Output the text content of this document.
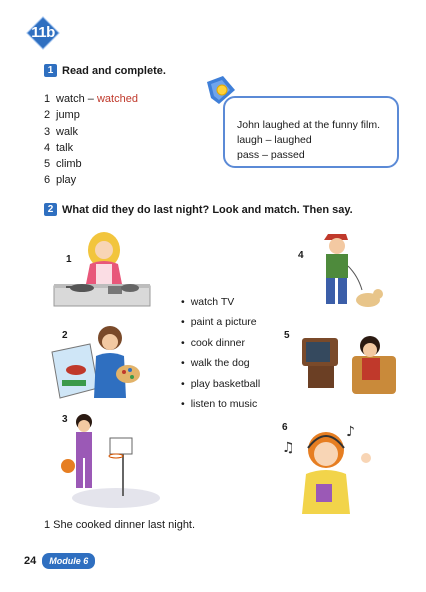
11b
1 Read and complete.
1 watch – watched
2 jump
3 walk
4 talk
5 climb
6 play
John laughed at the funny film.
laugh – laughed
pass – passed
2 What did they do last night? Look and match. Then say.
1
2
3
4
5
6
♫
♪
• watch TV
• paint a picture
• cook dinner
• walk the dog
• play basketball
• listen to music
1 She cooked dinner last night.
24	Module 6
